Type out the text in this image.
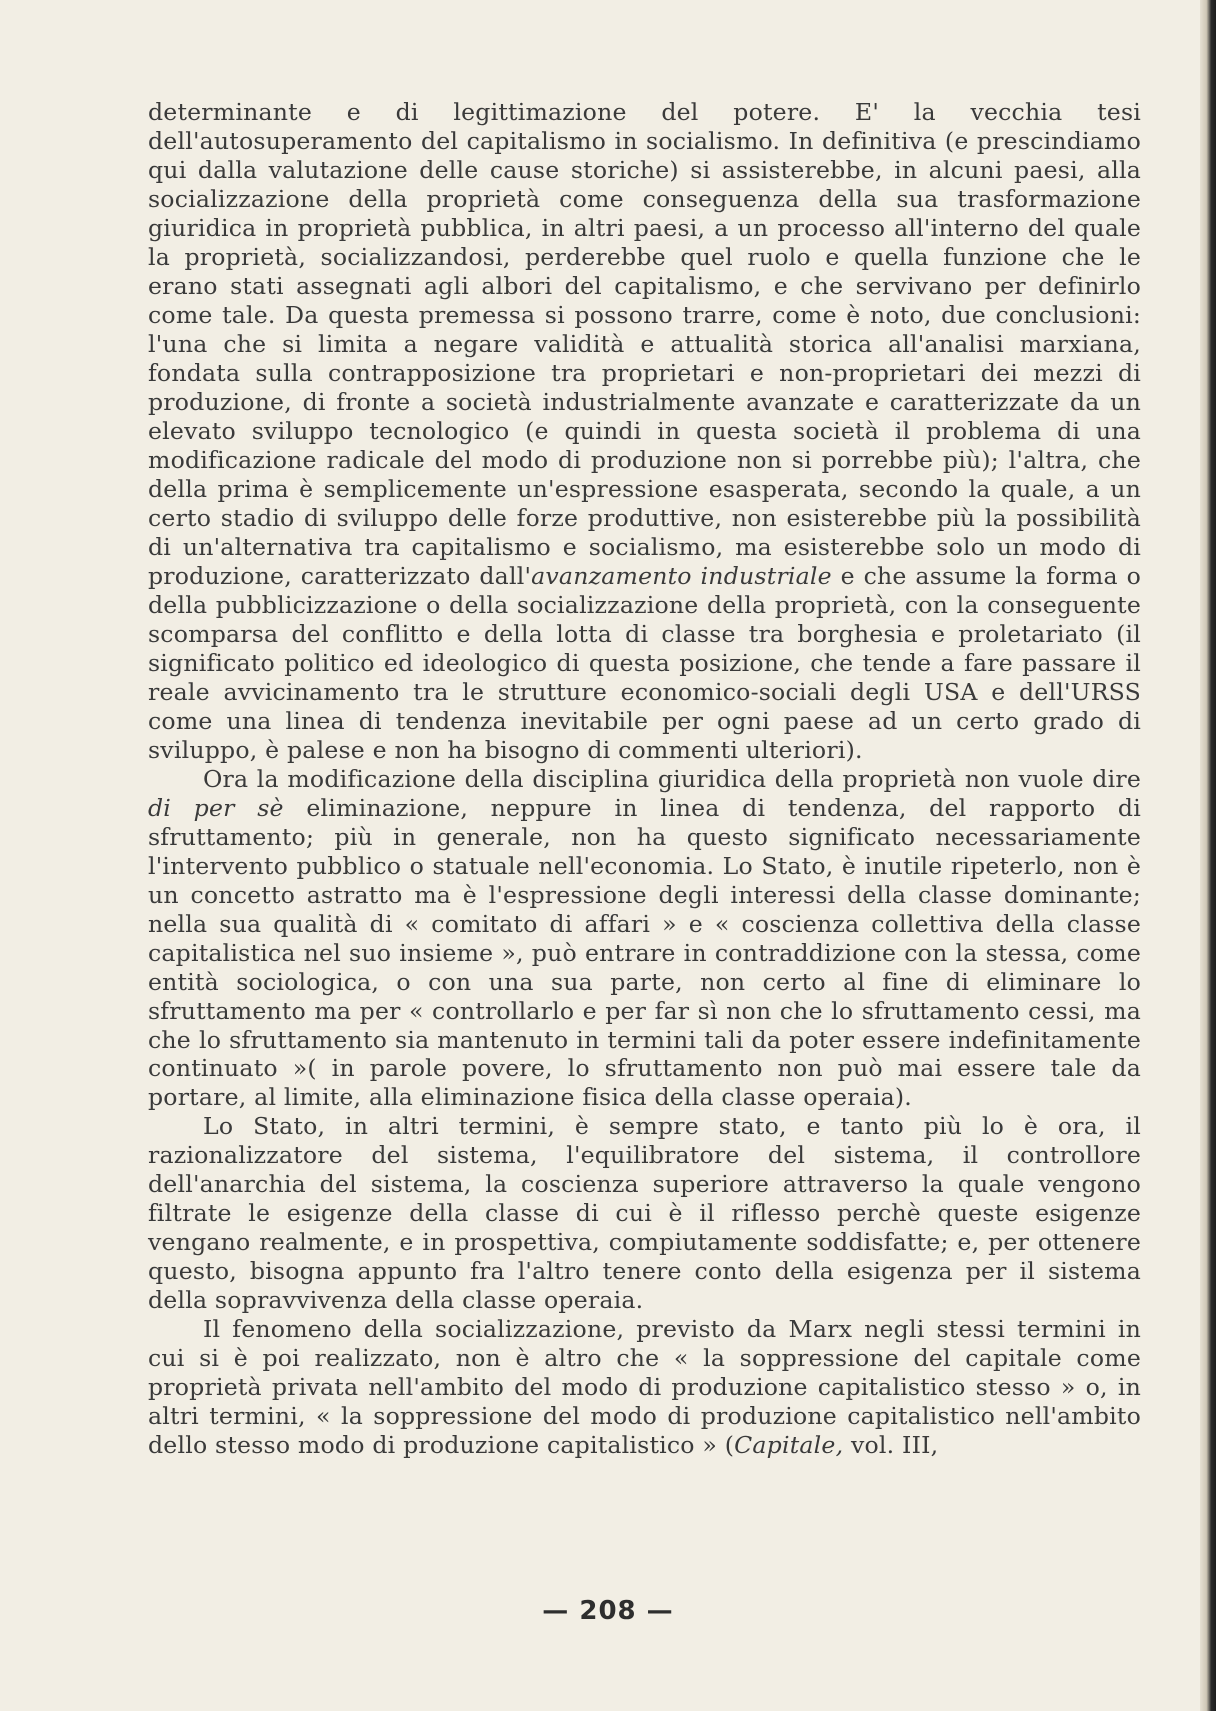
determinante e di legittimazione del potere. E' la vecchia tesi dell'autosuperamento del capitalismo in socialismo. In definitiva (e prescindiamo qui dalla valutazione delle cause storiche) si assisterebbe, in alcuni paesi, alla socializzazione della proprietà come conseguenza della sua trasformazione giuridica in proprietà pubblica, in altri paesi, a un processo all'interno del quale la proprietà, socializzandosi, perderebbe quel ruolo e quella funzione che le erano stati assegnati agli albori del capitalismo, e che servivano per definirlo come tale. Da questa premessa si possono trarre, come è noto, due conclusioni: l'una che si limita a negare validità e attualità storica all'analisi marxiana, fondata sulla contrapposizione tra proprietari e non-proprietari dei mezzi di produzione, di fronte a società industrialmente avanzate e caratterizzate da un elevato sviluppo tecnologico (e quindi in questa società il problema di una modificazione radicale del modo di produzione non si porrebbe più); l'altra, che della prima è semplicemente un'espressione esasperata, secondo la quale, a un certo stadio di sviluppo delle forze produttive, non esisterebbe più la possibilità di un'alternativa tra capitalismo e socialismo, ma esisterebbe solo un modo di produzione, caratterizzato dall'avanzamento industriale e che assume la forma o della pubblicizzazione o della socializzazione della proprietà, con la conseguente scomparsa del conflitto e della lotta di classe tra borghesia e proletariato (il significato politico ed ideologico di questa posizione, che tende a fare passare il reale avvicinamento tra le strutture economico-sociali degli USA e dell'URSS come una linea di tendenza inevitabile per ogni paese ad un certo grado di sviluppo, è palese e non ha bisogno di commenti ulteriori).

Ora la modificazione della disciplina giuridica della proprietà non vuole dire di per sè eliminazione, neppure in linea di tendenza, del rapporto di sfruttamento; più in generale, non ha questo significato necessariamente l'intervento pubblico o statuale nell'economia. Lo Stato, è inutile ripeterlo, non è un concetto astratto ma è l'espressione degli interessi della classe dominante; nella sua qualità di « comitato di affari » e « coscienza collettiva della classe capitalistica nel suo insieme », può entrare in contraddizione con la stessa, come entità sociologica, o con una sua parte, non certo al fine di eliminare lo sfruttamento ma per « controllarlo e per far sì non che lo sfruttamento cessi, ma che lo sfruttamento sia mantenuto in termini tali da poter essere indefinitamente continuato »( in parole povere, lo sfruttamento non può mai essere tale da portare, al limite, alla eliminazione fisica della classe operaia).

Lo Stato, in altri termini, è sempre stato, e tanto più lo è ora, il razionalizzatore del sistema, l'equilibratore del sistema, il controllore dell'anarchia del sistema, la coscienza superiore attraverso la quale vengono filtrate le esigenze della classe di cui è il riflesso perchè queste esigenze vengano realmente, e in prospettiva, compiutamente soddisfatte; e, per ottenere questo, bisogna appunto fra l'altro tenere conto della esigenza per il sistema della sopravvivenza della classe operaia.

Il fenomeno della socializzazione, previsto da Marx negli stessi termini in cui si è poi realizzato, non è altro che « la soppressione del capitale come proprietà privata nell'ambito del modo di produzione capitalistico stesso » o, in altri termini, « la soppressione del modo di produzione capitalistico nell'ambito dello stesso modo di produzione capitalistico » (Capitale, vol. III,

— 208 —
